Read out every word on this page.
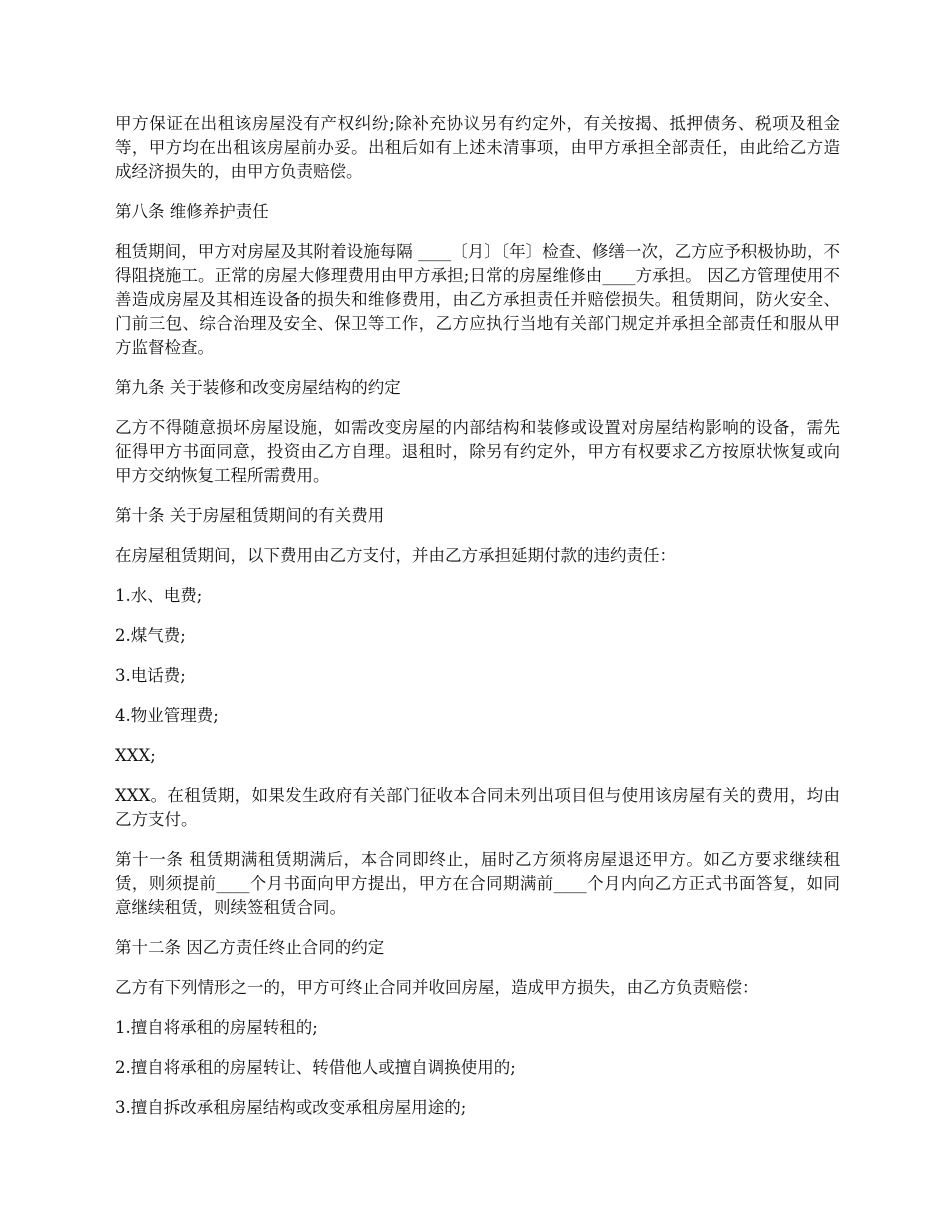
甲方保证在出租该房屋没有产权纠纷;除补充协议另有约定外，有关按揭、抵押债务、税项及租金等，甲方均在出租该房屋前办妥。出租后如有上述未清事项，由甲方承担全部责任，由此给乙方造成经济损失的，由甲方负责赔偿。

第八条 维修养护责任

租赁期间，甲方对房屋及其附着设施每隔 ____〔月〕〔年〕检查、修缮一次，乙方应予积极协助，不得阻挠施工。正常的房屋大修理费用由甲方承担;日常的房屋维修由____方承担。 因乙方管理使用不善造成房屋及其相连设备的损失和维修费用，由乙方承担责任并赔偿损失。租赁期间，防火安全、门前三包、综合治理及安全、保卫等工作，乙方应执行当地有关部门规定并承担全部责任和服从甲方监督检查。

第九条 关于装修和改变房屋结构的约定

乙方不得随意损坏房屋设施，如需改变房屋的内部结构和装修或设置对房屋结构影响的设备，需先征得甲方书面同意，投资由乙方自理。退租时，除另有约定外，甲方有权要求乙方按原状恢复或向甲方交纳恢复工程所需费用。

第十条 关于房屋租赁期间的有关费用

在房屋租赁期间，以下费用由乙方支付，并由乙方承担延期付款的违约责任：

1.水、电费;

2.煤气费;

3.电话费;

4.物业管理费;

XXX;

XXX。在租赁期，如果发生政府有关部门征收本合同未列出项目但与使用该房屋有关的费用，均由乙方支付。

第十一条 租赁期满租赁期满后，本合同即终止，届时乙方须将房屋退还甲方。如乙方要求继续租赁，则须提前____个月书面向甲方提出，甲方在合同期满前____个月内向乙方正式书面答复，如同意继续租赁，则续签租赁合同。

第十二条 因乙方责任终止合同的约定

乙方有下列情形之一的，甲方可终止合同并收回房屋，造成甲方损失，由乙方负责赔偿：

1.擅自将承租的房屋转租的;

2.擅自将承租的房屋转让、转借他人或擅自调换使用的;

3.擅自拆改承租房屋结构或改变承租房屋用途的;
